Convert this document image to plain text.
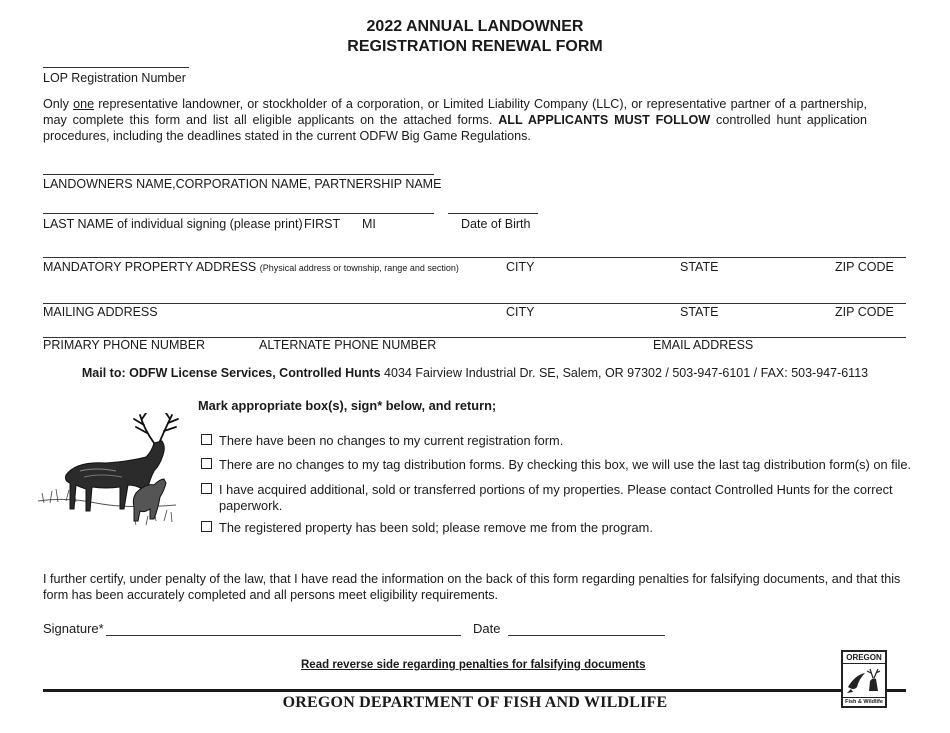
2022 ANNUAL LANDOWNER
REGISTRATION RENEWAL FORM
LOP Registration Number
Only one representative landowner, or stockholder of a corporation, or Limited Liability Company (LLC), or representative partner of a partnership, may complete this form and list all eligible applicants on the attached forms. ALL APPLICANTS MUST FOLLOW controlled hunt application procedures, including the deadlines stated in the current ODFW Big Game Regulations.
LANDOWNERS NAME,CORPORATION NAME, PARTNERSHIP NAME
LAST NAME of individual signing (please print) FIRST MI	Date of Birth
MANDATORY PROPERTY ADDRESS (Physical address or township, range and section)	CITY	STATE	ZIP CODE
MAILING ADDRESS	CITY	STATE	ZIP CODE
PRIMARY PHONE NUMBER	ALTERNATE PHONE NUMBER	EMAIL ADDRESS
Mail to: ODFW License Services, Controlled Hunts 4034 Fairview Industrial Dr. SE, Salem, OR 97302 / 503-947-6101 / FAX: 503-947-6113
Mark appropriate box(s), sign* below, and return;
There have been no changes to my current registration form.
There are no changes to my tag distribution forms. By checking this box, we will use the last tag distribution form(s) on file.
I have acquired additional, sold or transferred portions of my properties. Please contact Controlled Hunts for the correct paperwork.
The registered property has been sold; please remove me from the program.
I further certify, under penalty of the law, that I have read the information on the back of this form regarding penalties for falsifying documents, and that this form has been accurately completed and all persons meet eligibility requirements.
Signature*	Date
Read reverse side regarding penalties for falsifying documents
OREGON DEPARTMENT OF FISH AND WILDLIFE
OREGON
Fish & Wildlife
